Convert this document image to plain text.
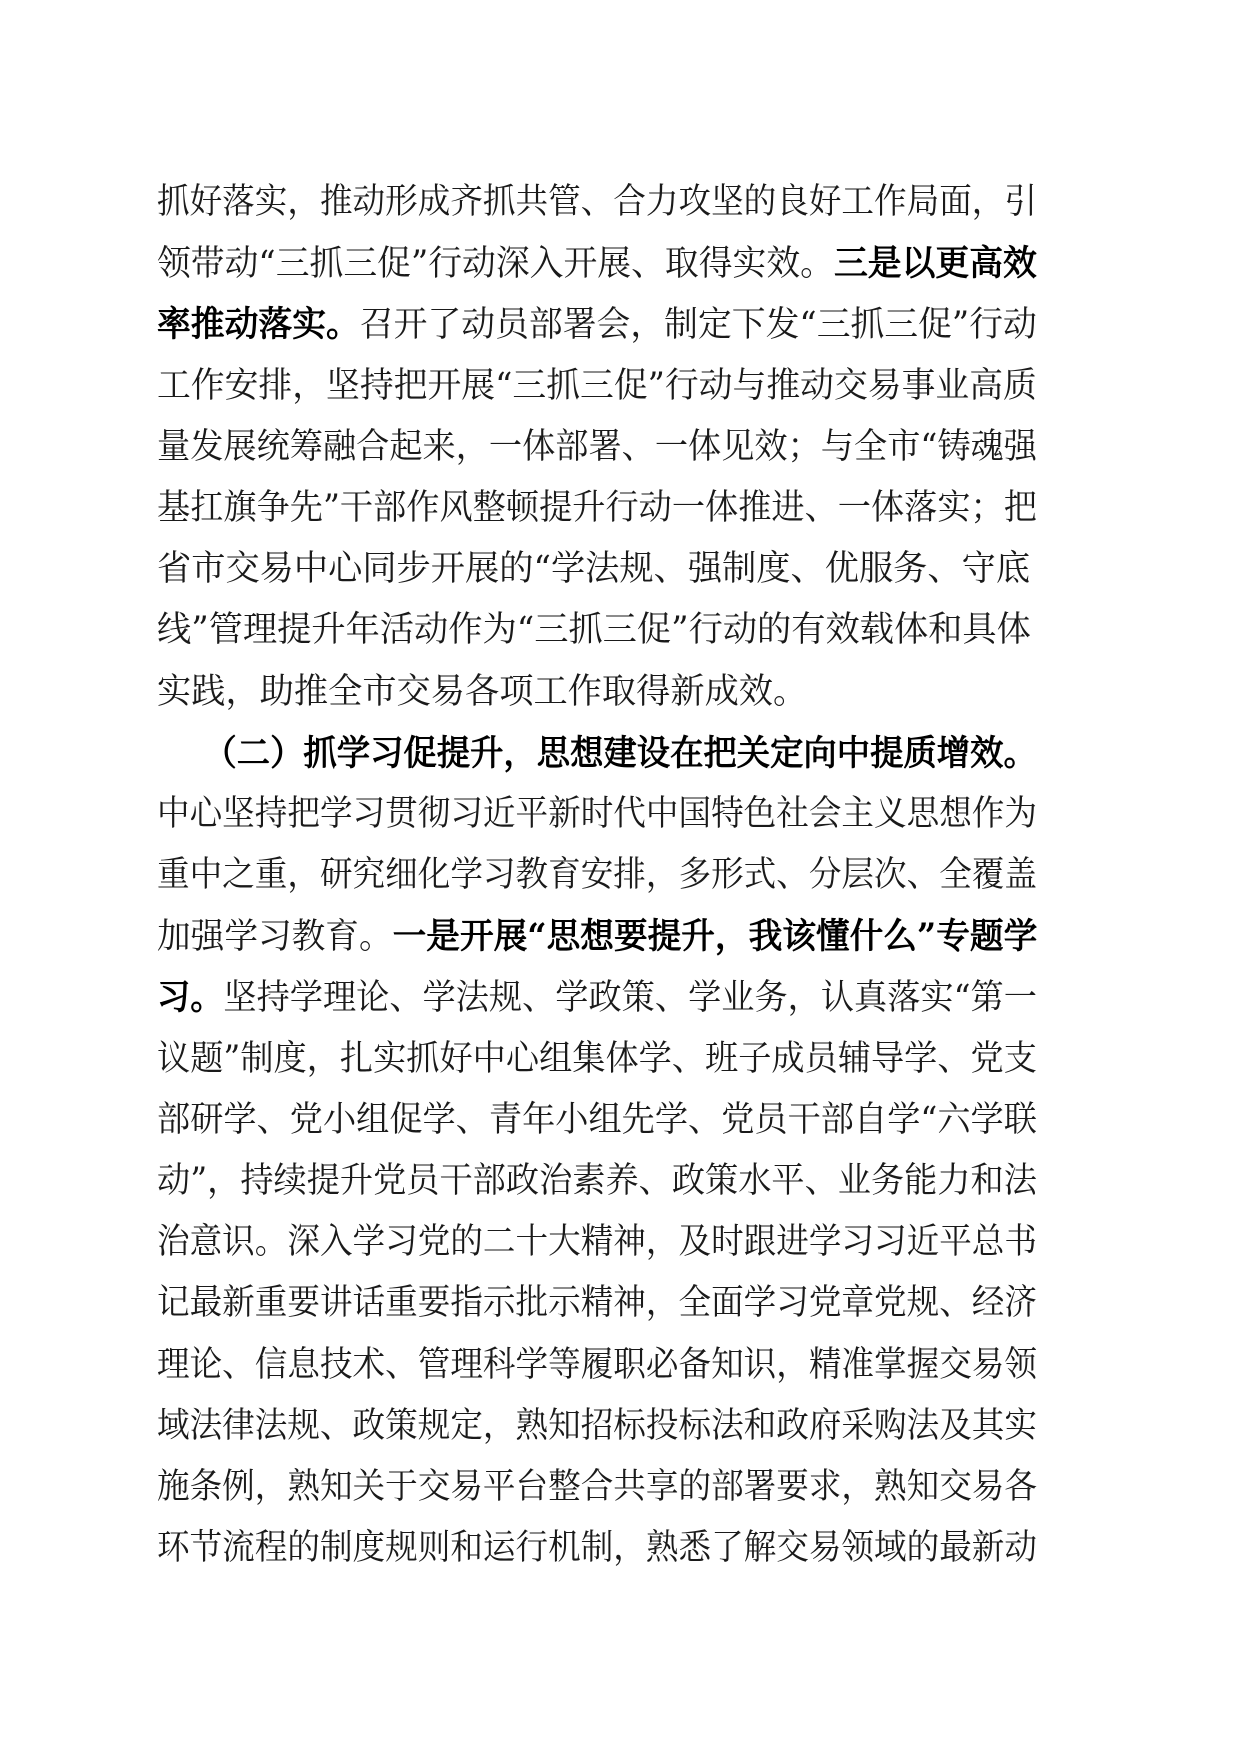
抓好落实，推动形成齐抓共管、合力攻坚的良好工作局面，引
领带动“三抓三促”行动深入开展、取得实效。三是以更高效
率推动落实。召开了动员部署会，制定下发“三抓三促”行动
工作安排，坚持把开展“三抓三促”行动与推动交易事业高质
量发展统筹融合起来，一体部署、一体见效；与全市“铸魂强
基扛旗争先”干部作风整顿提升行动一体推进、一体落实；把
省市交易中心同步开展的“学法规、强制度、优服务、守底
线”管理提升年活动作为“三抓三促”行动的有效载体和具体
实践，助推全市交易各项工作取得新成效。
（二）抓学习促提升，思想建设在把关定向中提质增效。
中心坚持把学习贯彻习近平新时代中国特色社会主义思想作为
重中之重，研究细化学习教育安排，多形式、分层次、全覆盖
加强学习教育。一是开展“思想要提升，我该懂什么”专题学
习。坚持学理论、学法规、学政策、学业务，认真落实“第一
议题”制度，扎实抓好中心组集体学、班子成员辅导学、党支
部研学、党小组促学、青年小组先学、党员干部自学“六学联
动”，持续提升党员干部政治素养、政策水平、业务能力和法
治意识。深入学习党的二十大精神，及时跟进学习习近平总书
记最新重要讲话重要指示批示精神，全面学习党章党规、经济
理论、信息技术、管理科学等履职必备知识，精准掌握交易领
域法律法规、政策规定，熟知招标投标法和政府采购法及其实
施条例，熟知关于交易平台整合共享的部署要求，熟知交易各
环节流程的制度规则和运行机制，熟悉了解交易领域的最新动
